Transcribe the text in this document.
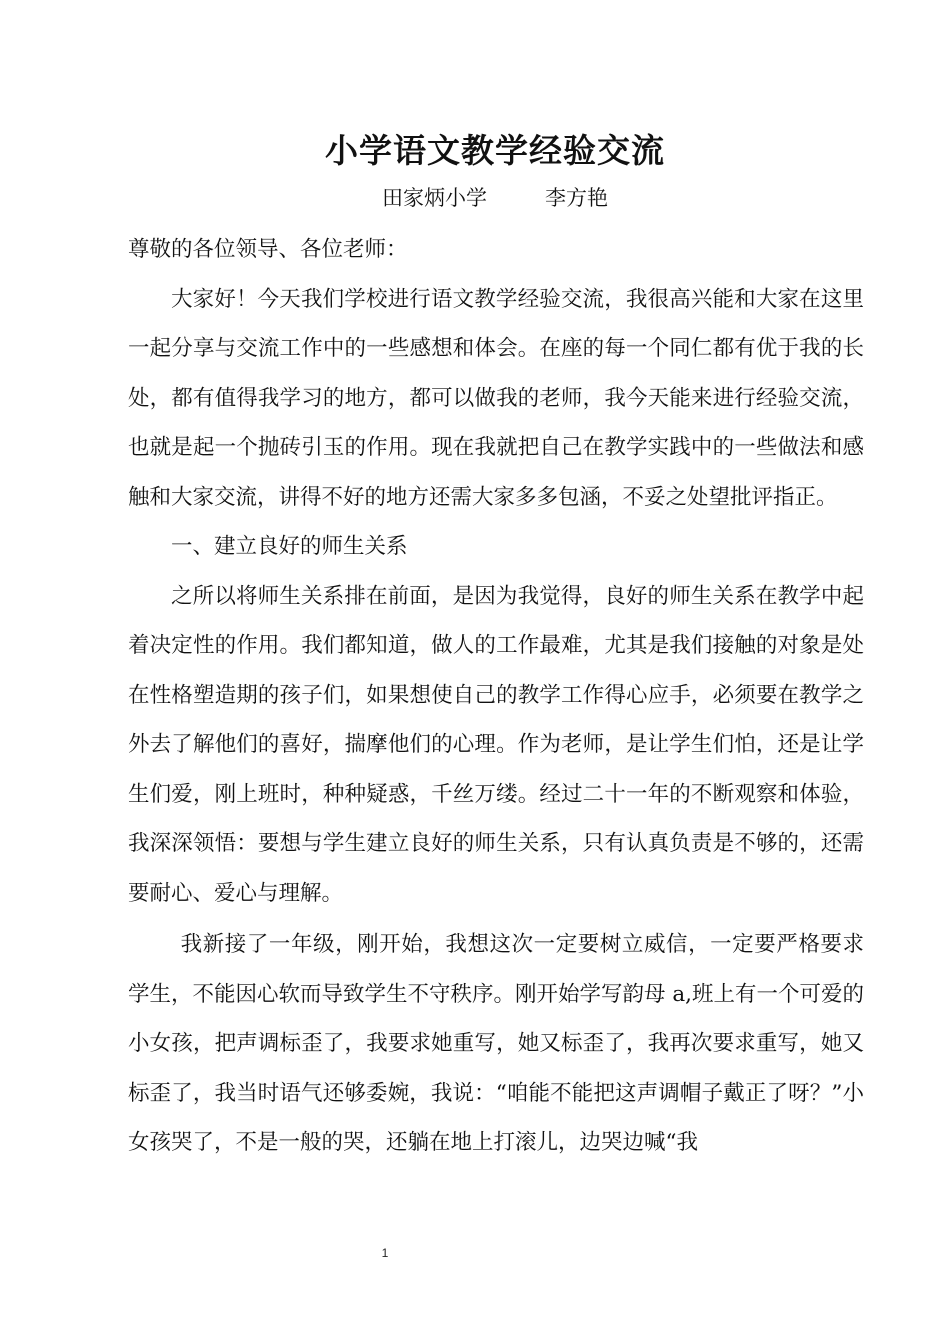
小学语文教学经验交流
田家炳小学	李方艳

尊敬的各位领导、各位老师：

大家好！今天我们学校进行语文教学经验交流，我很高兴能和大家在这里一起分享与交流工作中的一些感想和体会。在座的每一个同仁都有优于我的长处，都有值得我学习的地方，都可以做我的老师，我今天能来进行经验交流，也就是起一个抛砖引玉的作用。现在我就把自己在教学实践中的一些做法和感触和大家交流，讲得不好的地方还需大家多多包涵，不妥之处望批评指正。

一、建立良好的师生关系

之所以将师生关系排在前面，是因为我觉得，良好的师生关系在教学中起着决定性的作用。我们都知道，做人的工作最难，尤其是我们接触的对象是处在性格塑造期的孩子们，如果想使自己的教学工作得心应手，必须要在教学之外去了解他们的喜好，揣摩他们的心理。作为老师，是让学生们怕，还是让学生们爱，刚上班时，种种疑惑，千丝万缕。经过二十一年的不断观察和体验，我深深领悟：要想与学生建立良好的师生关系，只有认真负责是不够的，还需要耐心、爱心与理解。

我新接了一年级，刚开始，我想这次一定要树立威信，一定要严格要求学生，不能因心软而导致学生不守秩序。刚开始学写韵母 a,班上有一个可爱的小女孩，把声调标歪了，我要求她重写，她又标歪了，我再次要求重写，她又标歪了，我当时语气还够委婉，我说：“咱能不能把这声调帽子戴正了呀？”小女孩哭了，不是一般的哭，还躺在地上打滚儿，边哭边喊“我

1
